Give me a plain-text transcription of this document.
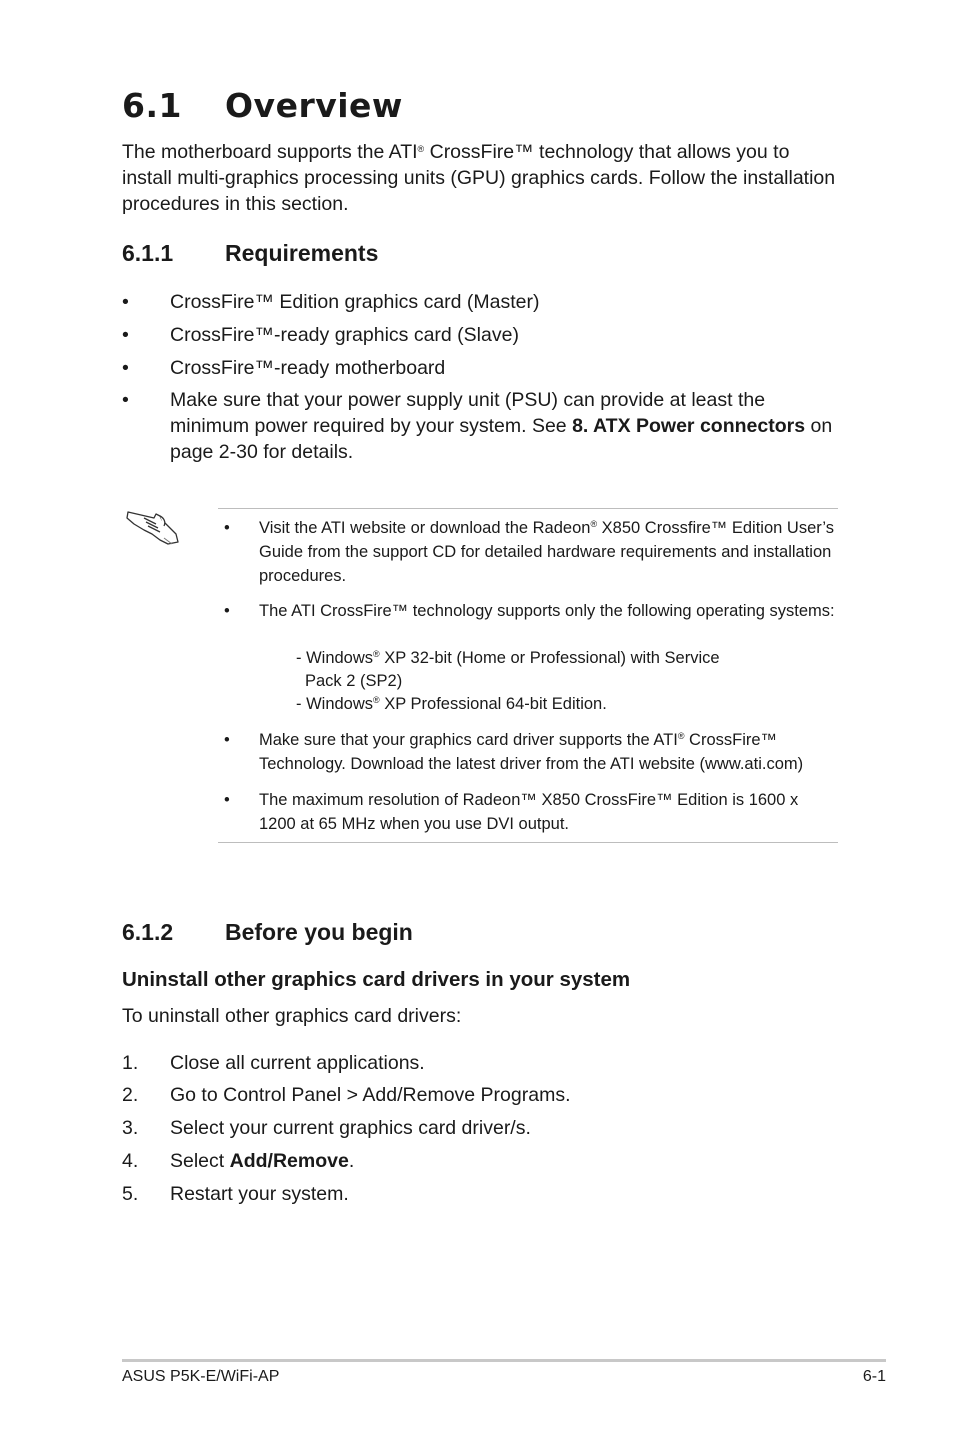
6.1 Overview
The motherboard supports the ATI® CrossFire™ technology that allows you to install multi-graphics processing units (GPU) graphics cards. Follow the installation procedures in this section.
6.1.1 Requirements
• CrossFire™ Edition graphics card (Master)
• CrossFire™-ready graphics card (Slave)
• CrossFire™-ready motherboard
• Make sure that your power supply unit (PSU) can provide at least the minimum power required by your system. See 8. ATX Power connectors on page 2-30 for details.
• Visit the ATI website or download the Radeon® X850 Crossfire™ Edition User’s Guide from the support CD for detailed hardware requirements and installation procedures.
• The ATI CrossFire™ technology supports only the following operating systems:
- Windows® XP 32-bit (Home or Professional) with Service
Pack 2 (SP2)
- Windows® XP Professional 64-bit Edition.
• Make sure that your graphics card driver supports the ATI® CrossFire™ Technology. Download the latest driver from the ATI website (www.ati.com)
• The maximum resolution of Radeon™ X850 CrossFire™ Edition is 1600 x 1200 at 65 MHz when you use DVI output.
6.1.2 Before you begin
Uninstall other graphics card drivers in your system
To uninstall other graphics card drivers:
1. Close all current applications.
2. Go to Control Panel > Add/Remove Programs.
3. Select your current graphics card driver/s.
4. Select Add/Remove.
5. Restart your system.
ASUS P5K-E/WiFi-AP	6-1
